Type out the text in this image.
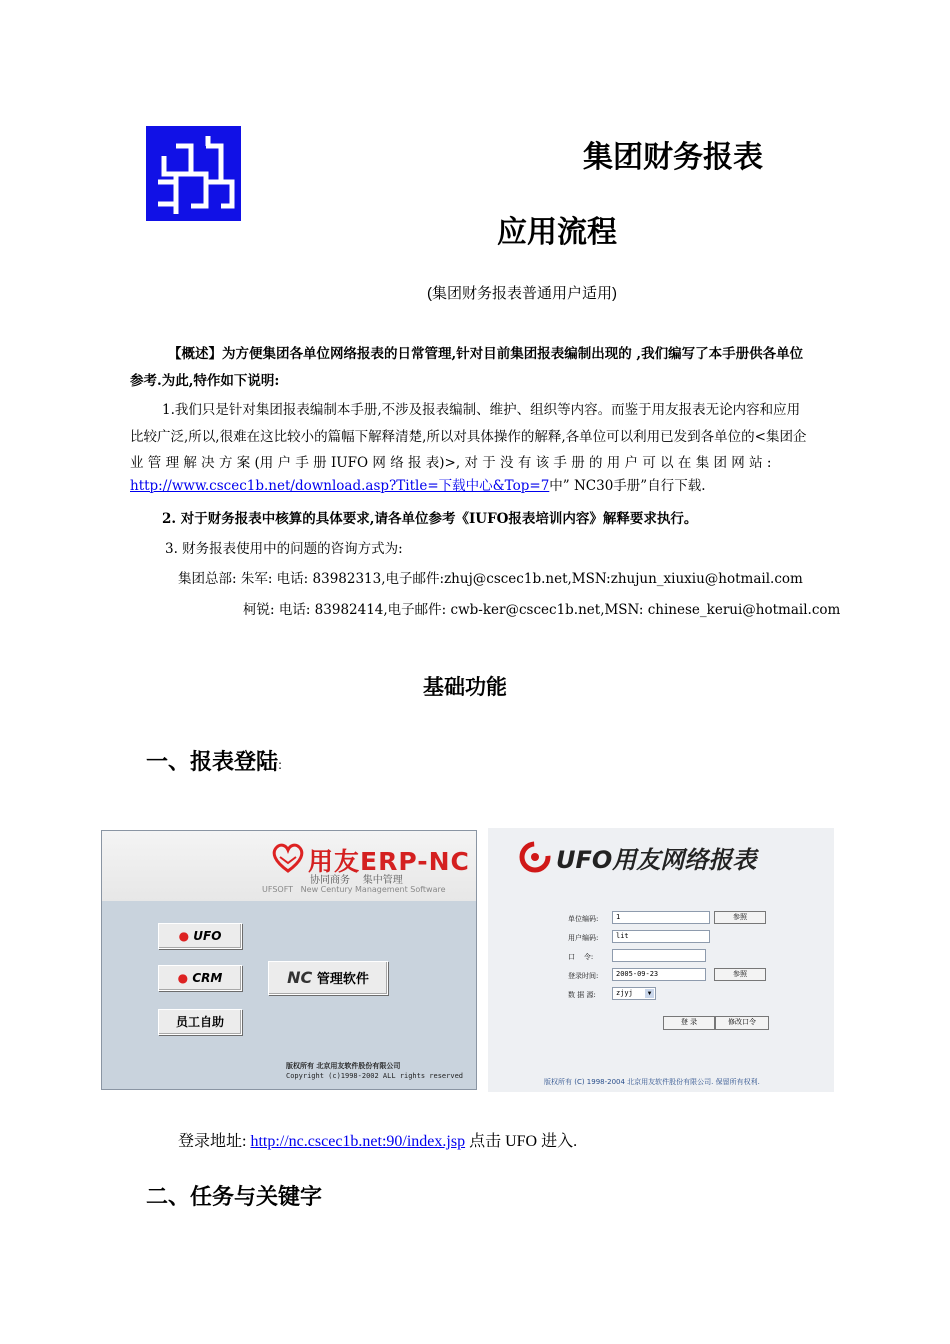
集团财务报表
应用流程
(集团财务报表普通用户适用)
【概述】为方便集团各单位网络报表的日常管理,针对目前集团报表编制出现的 ,我们编写了本手册供各单位
参考.为此,特作如下说明:
1.我们只是针对集团报表编制本手册,不涉及报表编制、维护、组织等内容。而鉴于用友报表无论内容和应用
比较广泛,所以,很难在这比较小的篇幅下解释清楚,所以对具体操作的解释,各单位可以利用已发到各单位的<集团企
业 管 理 解 决 方 案 (用 户 手 册 IUFO 网 络 报 表)>, 对 于 没 有 该 手 册 的 用 户 可 以 在 集 团 网 站 :
http://www.cscec1b.net/download.asp?Title=下载中心&Top=7中” NC30手册”自行下载.
2. 对于财务报表中核算的具体要求,请各单位参考《IUFO报表培训内容》解释要求执行。
3. 财务报表使用中的问题的咨询方式为:
集团总部: 朱军: 电话: 83982313,电子邮件:zhuj@cscec1b.net,MSN:zhujun_xiuxiu@hotmail.com
柯锐: 电话: 83982414,电子邮件: cwb-ker@cscec1b.net,MSN: chinese_kerui@hotmail.com
基础功能
一、报表登陆:
用友ERP-NC
协同商务    集中管理
UFSOFT   New Century Management Software
● UFO
● CRM
员工自助
NC 管理软件
版权所有 北京用友软件股份有限公司
Copyright (c)1998-2002 ALL rights reserved
UFO用友网络报表
单位编码:	1	参照
用户编码:	lit
口    令:
登录时间:	2005-09-23	参照
数 据 源:	zjyj	▼
登 录	修改口令
版权所有 (C) 1998-2004 北京用友软件股份有限公司. 保留所有权利.
登录地址: http://nc.cscec1b.net:90/index.jsp 点击 UFO 进入.
二、任务与关键字
